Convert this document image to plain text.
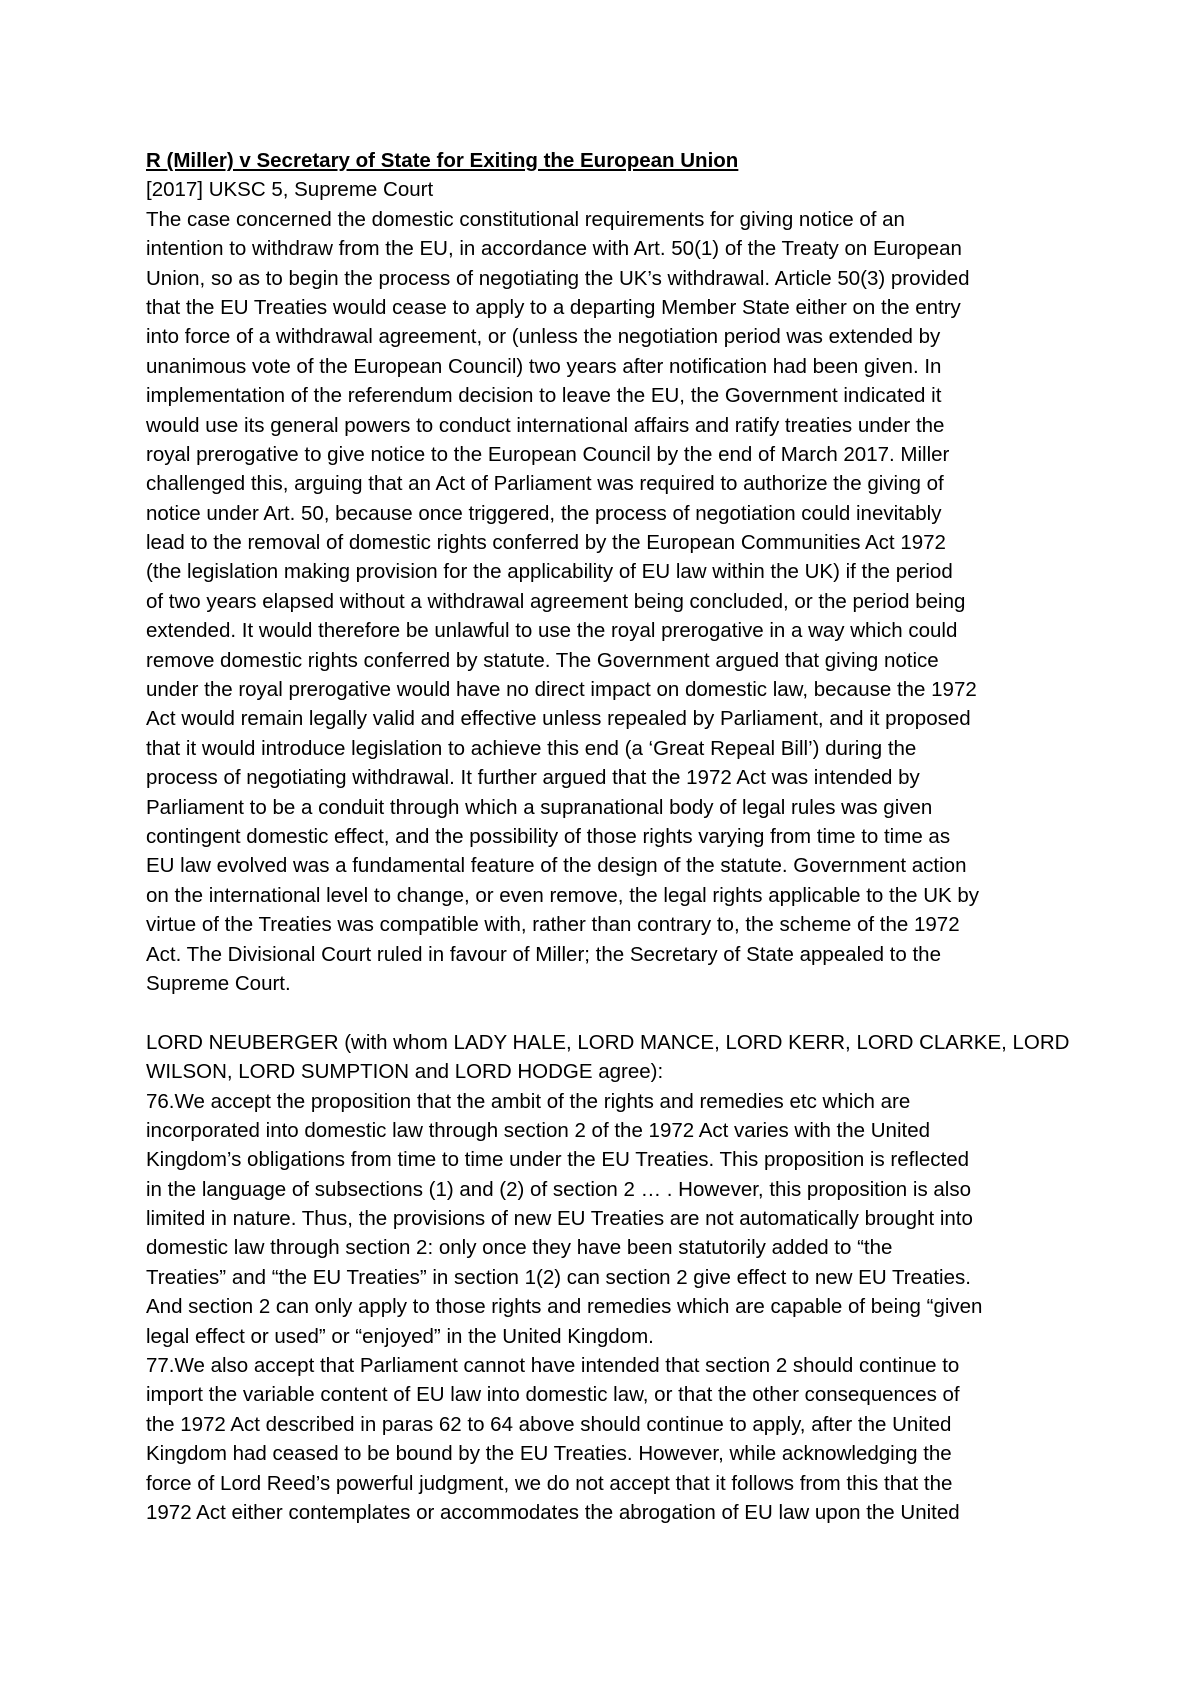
R (Miller) v Secretary of State for Exiting the European Union
[2017] UKSC 5, Supreme Court
The case concerned the domestic constitutional requirements for giving notice of an
intention to withdraw from the EU, in accordance with Art. 50(1) of the Treaty on European
Union, so as to begin the process of negotiating the UK’s withdrawal. Article 50(3) provided
that the EU Treaties would cease to apply to a departing Member State either on the entry
into force of a withdrawal agreement, or (unless the negotiation period was extended by
unanimous vote of the European Council) two years after notification had been given. In
implementation of the referendum decision to leave the EU, the Government indicated it
would use its general powers to conduct international affairs and ratify treaties under the
royal prerogative to give notice to the European Council by the end of March 2017. Miller
challenged this, arguing that an Act of Parliament was required to authorize the giving of
notice under Art. 50, because once triggered, the process of negotiation could inevitably
lead to the removal of domestic rights conferred by the European Communities Act 1972
(the legislation making provision for the applicability of EU law within the UK) if the period
of two years elapsed without a withdrawal agreement being concluded, or the period being
extended. It would therefore be unlawful to use the royal prerogative in a way which could
remove domestic rights conferred by statute. The Government argued that giving notice
under the royal prerogative would have no direct impact on domestic law, because the 1972
Act would remain legally valid and effective unless repealed by Parliament, and it proposed
that it would introduce legislation to achieve this end (a ‘Great Repeal Bill’) during the
process of negotiating withdrawal. It further argued that the 1972 Act was intended by
Parliament to be a conduit through which a supranational body of legal rules was given
contingent domestic effect, and the possibility of those rights varying from time to time as
EU law evolved was a fundamental feature of the design of the statute. Government action
on the international level to change, or even remove, the legal rights applicable to the UK by
virtue of the Treaties was compatible with, rather than contrary to, the scheme of the 1972
Act. The Divisional Court ruled in favour of Miller; the Secretary of State appealed to the
Supreme Court.
LORD NEUBERGER (with whom LADY HALE, LORD MANCE, LORD KERR, LORD CLARKE, LORD
WILSON, LORD SUMPTION and LORD HODGE agree):
76.We accept the proposition that the ambit of the rights and remedies etc which are
incorporated into domestic law through section 2 of the 1972 Act varies with the United
Kingdom’s obligations from time to time under the EU Treaties. This proposition is reflected
in the language of subsections (1) and (2) of section 2 … . However, this proposition is also
limited in nature. Thus, the provisions of new EU Treaties are not automatically brought into
domestic law through section 2: only once they have been statutorily added to “the
Treaties” and “the EU Treaties” in section 1(2) can section 2 give effect to new EU Treaties.
And section 2 can only apply to those rights and remedies which are capable of being “given
legal effect or used” or “enjoyed” in the United Kingdom.
77.We also accept that Parliament cannot have intended that section 2 should continue to
import the variable content of EU law into domestic law, or that the other consequences of
the 1972 Act described in paras 62 to 64 above should continue to apply, after the United
Kingdom had ceased to be bound by the EU Treaties. However, while acknowledging the
force of Lord Reed’s powerful judgment, we do not accept that it follows from this that the
1972 Act either contemplates or accommodates the abrogation of EU law upon the United
